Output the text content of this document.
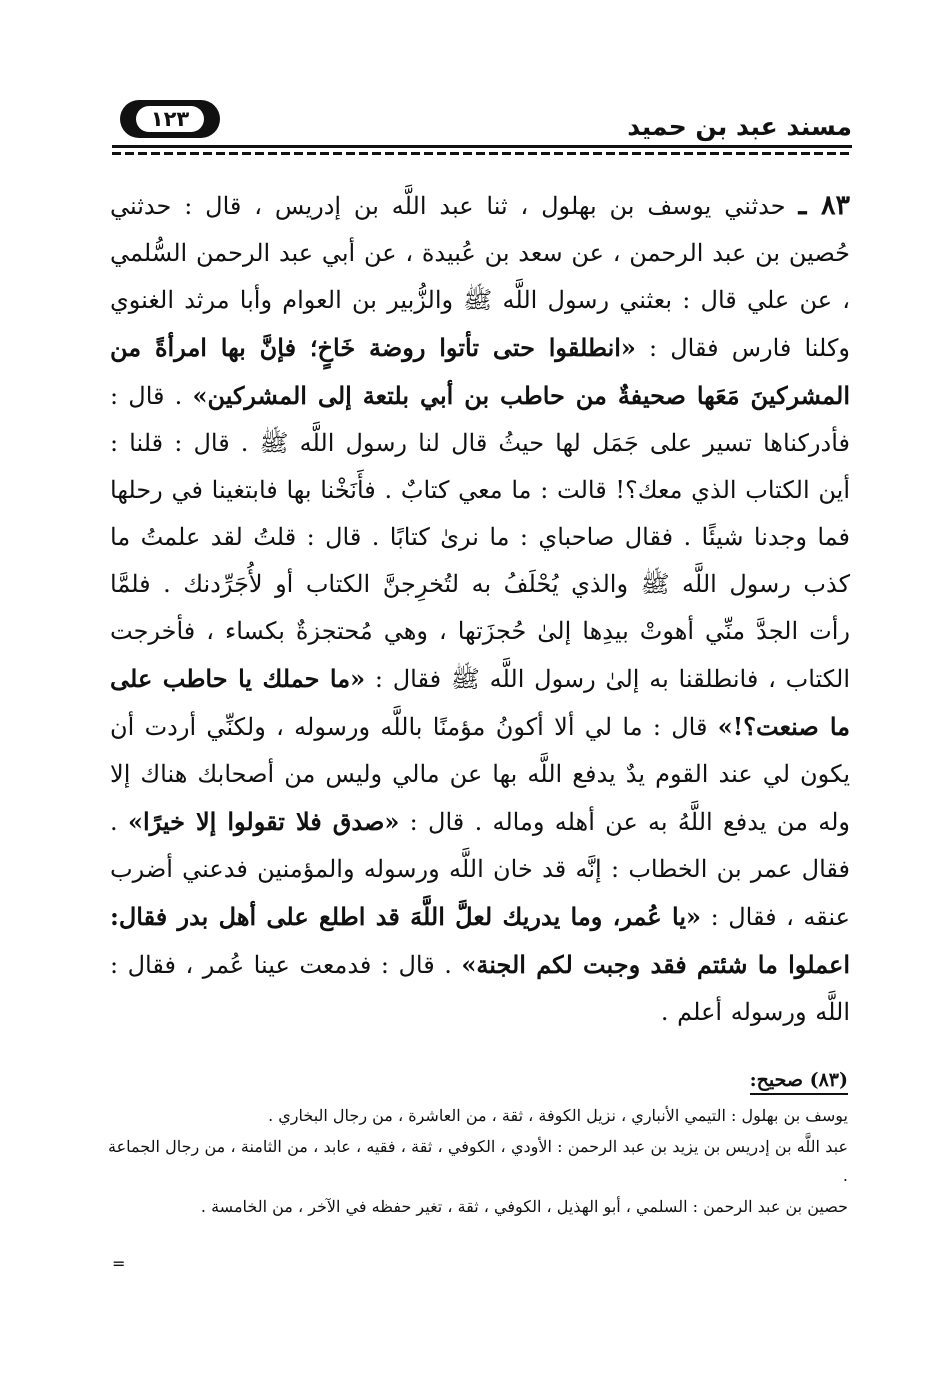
مسند عبد بن حميد
١٢٣

٨٣ ـ حدثني يوسف بن بهلول ، ثنا عبد اللَّه بن إدريس ، قال : حدثني حُصين بن عبد الرحمن ، عن سعد بن عُبيدة ، عن أبي عبد الرحمن السُّلمي ، عن علي قال : بعثني رسول اللَّه ﷺ والزُّبير بن العوام وأبا مرثد الغنوي وكلنا فارس فقال : «انطلقوا حتى تأتوا روضة خَاخٍ؛ فإنَّ بها امرأةً من المشركينَ مَعَها صحيفةٌ من حاطب بن أبي بلتعة إلى المشركين» . قال : فأدركناها تسير على جَمَل لها حيثُ قال لنا رسول اللَّه ﷺ . قال : قلنا : أين الكتاب الذي معك؟! قالت : ما معي كتابٌ . فأَنَخْنا بها فابتغينا في رحلها فما وجدنا شيئًا . فقال صاحباي : ما نرىٰ كتابًا . قال : قلتُ لقد علمتُ ما كذب رسول اللَّه ﷺ والذي يُحْلَفُ به لتُخرِجنَّ الكتاب أو لأُجَرِّدنك . فلمَّا رأت الجدَّ منِّي أهوتْ بيدِها إلىٰ حُجزَتها ، وهي مُحتجزةٌ بكساء ، فأخرجت الكتاب ، فانطلقنا به إلىٰ رسول اللَّه ﷺ فقال : «ما حملك يا حاطب على ما صنعت؟!» قال : ما لي ألا أكونُ مؤمنًا باللَّه ورسوله ، ولكنِّي أردت أن يكون لي عند القوم يدٌ يدفع اللَّه بها عن مالي وليس من أصحابك هناك إلا وله من يدفع اللَّهُ به عن أهله وماله . قال : «صدق فلا تقولوا إلا خيرًا» . فقال عمر بن الخطاب : إنَّه قد خان اللَّه ورسوله والمؤمنين فدعني أضرب عنقه ، فقال : «يا عُمر، وما يدريك لعلَّ اللَّهَ قد اطلع على أهل بدر فقال: اعملوا ما شئتم فقد وجبت لكم الجنة» . قال : فدمعت عينا عُمر ، فقال : اللَّه ورسوله أعلم .

(٨٣) صحيح:

يوسف بن بهلول : التيمي الأنباري ، نزيل الكوفة ، ثقة ، من العاشرة ، من رجال البخاري .

عبد اللَّه بن إدريس بن يزيد بن عبد الرحمن : الأودي ، الكوفي ، ثقة ، فقيه ، عابد ، من الثامنة ، من رجال الجماعة .

حصين بن عبد الرحمن : السلمي ، أبو الهذيل ، الكوفي ، ثقة ، تغير حفظه في الآخر ، من الخامسة .

=
